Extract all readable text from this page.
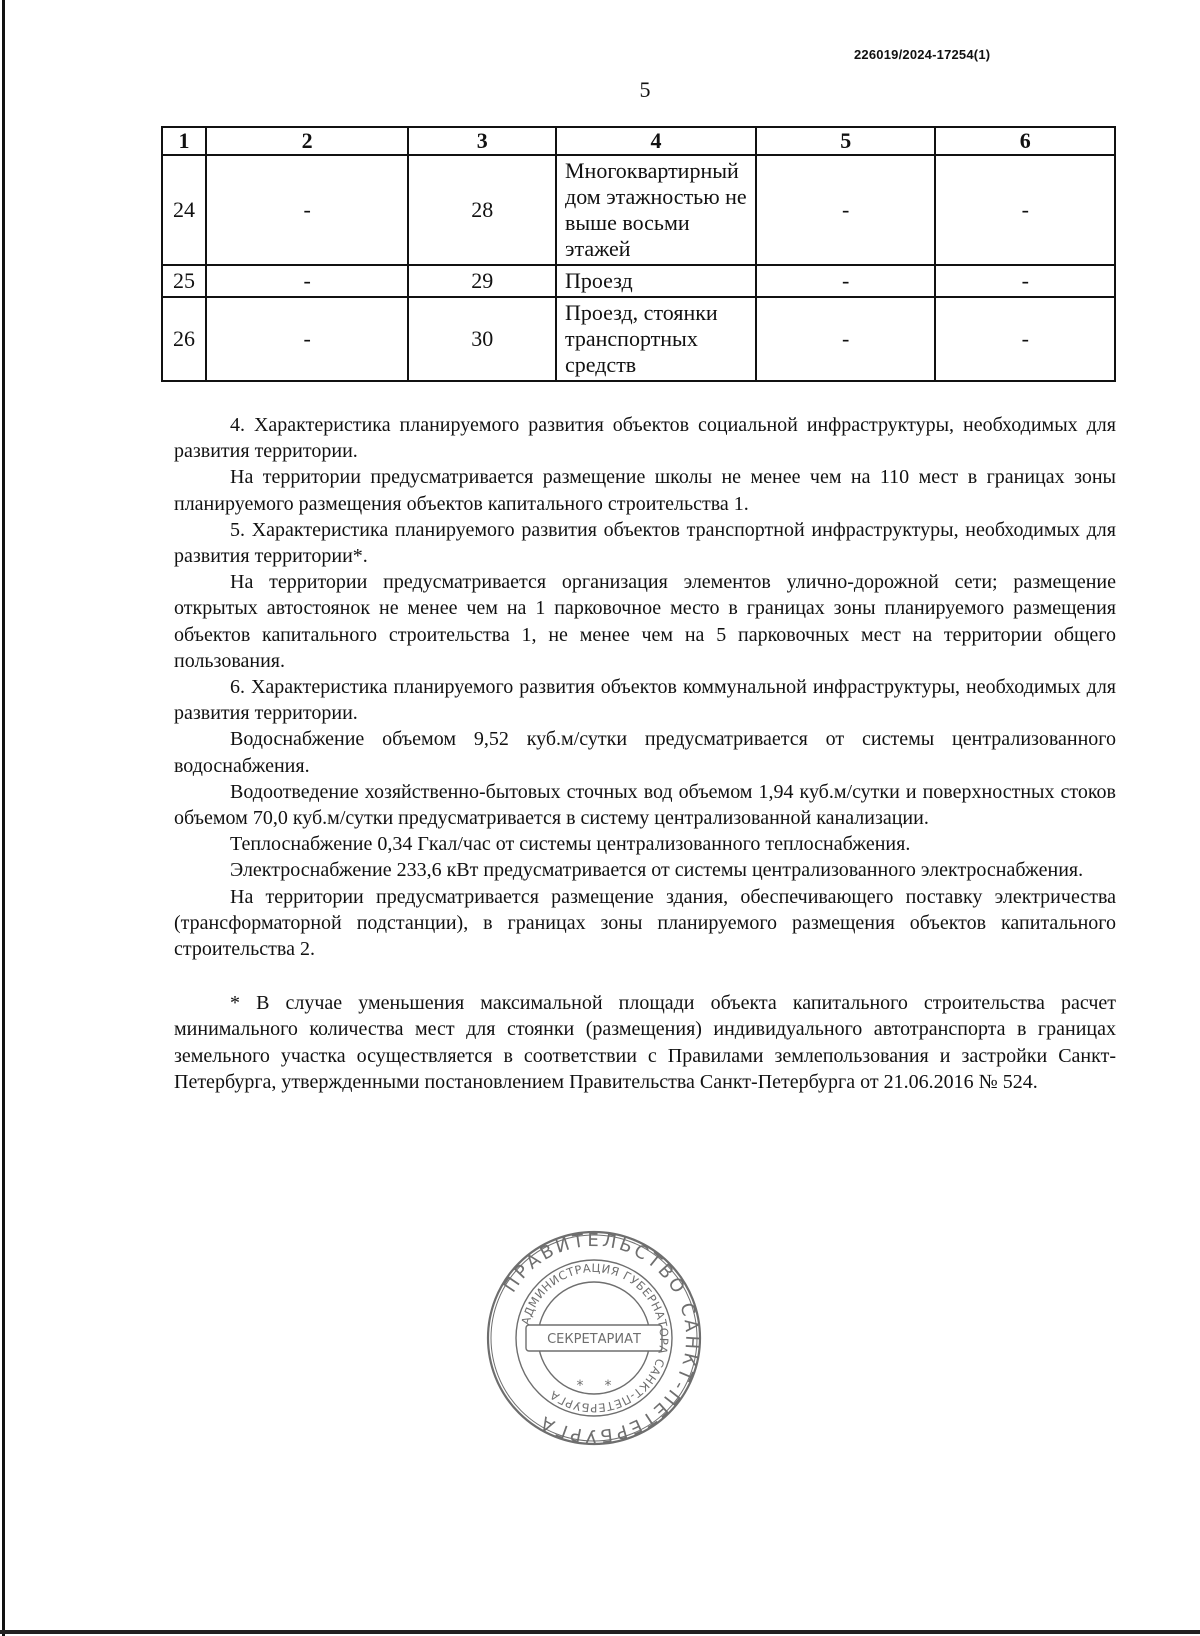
226019/2024-17254(1)
5
1	2	3	4	5	6
24	-	28	Многоквартирный дом этажностью не выше восьми этажей	-	-
25	-	29	Проезд	-	-
26	-	30	Проезд, стоянки транспортных средств	-	-

4. Характеристика планируемого развития объектов социальной инфраструктуры, необходимых для развития территории.

На территории предусматривается размещение школы не менее чем на 110 мест в границах зоны планируемого размещения объектов капитального строительства 1.

5. Характеристика планируемого развития объектов транспортной инфраструктуры, необходимых для развития территории*.

На территории предусматривается организация элементов улично-дорожной сети; размещение открытых автостоянок не менее чем на 1 парковочное место в границах зоны планируемого размещения объектов капитального строительства 1, не менее чем на 5 парковочных мест на территории общего пользования.

6. Характеристика планируемого развития объектов коммунальной инфраструктуры, необходимых для развития территории.

Водоснабжение объемом 9,52 куб.м/сутки предусматривается от системы централизованного водоснабжения.

Водоотведение хозяйственно-бытовых сточных вод объемом 1,94 куб.м/сутки и поверхностных стоков объемом 70,0 куб.м/сутки предусматривается в систему централизованной канализации.

Теплоснабжение 0,34 Гкал/час от системы централизованного теплоснабжения.

Электроснабжение 233,6 кВт предусматривается от системы централизованного электроснабжения.

На территории предусматривается размещение здания, обеспечивающего поставку электричества (трансформаторной подстанции), в границах зоны планируемого размещения объектов капитального строительства 2.

* В случае уменьшения максимальной площади объекта капитального строительства расчет минимального количества мест для стоянки (размещения) индивидуального автотранспорта в границах земельного участка осуществляется в соответствии с Правилами землепользования и застройки Санкт-Петербурга, утвержденными постановлением Правительства Санкт-Петербурга от 21.06.2016 № 524.

ПРАВИТЕЛЬСТВО САНКТ-ПЕТЕРБУРГА
АДМИНИСТРАЦИЯ ГУБЕРНАТОРА САНКТ-ПЕТЕРБУРГА
СЕКРЕТАРИАТ
* *
